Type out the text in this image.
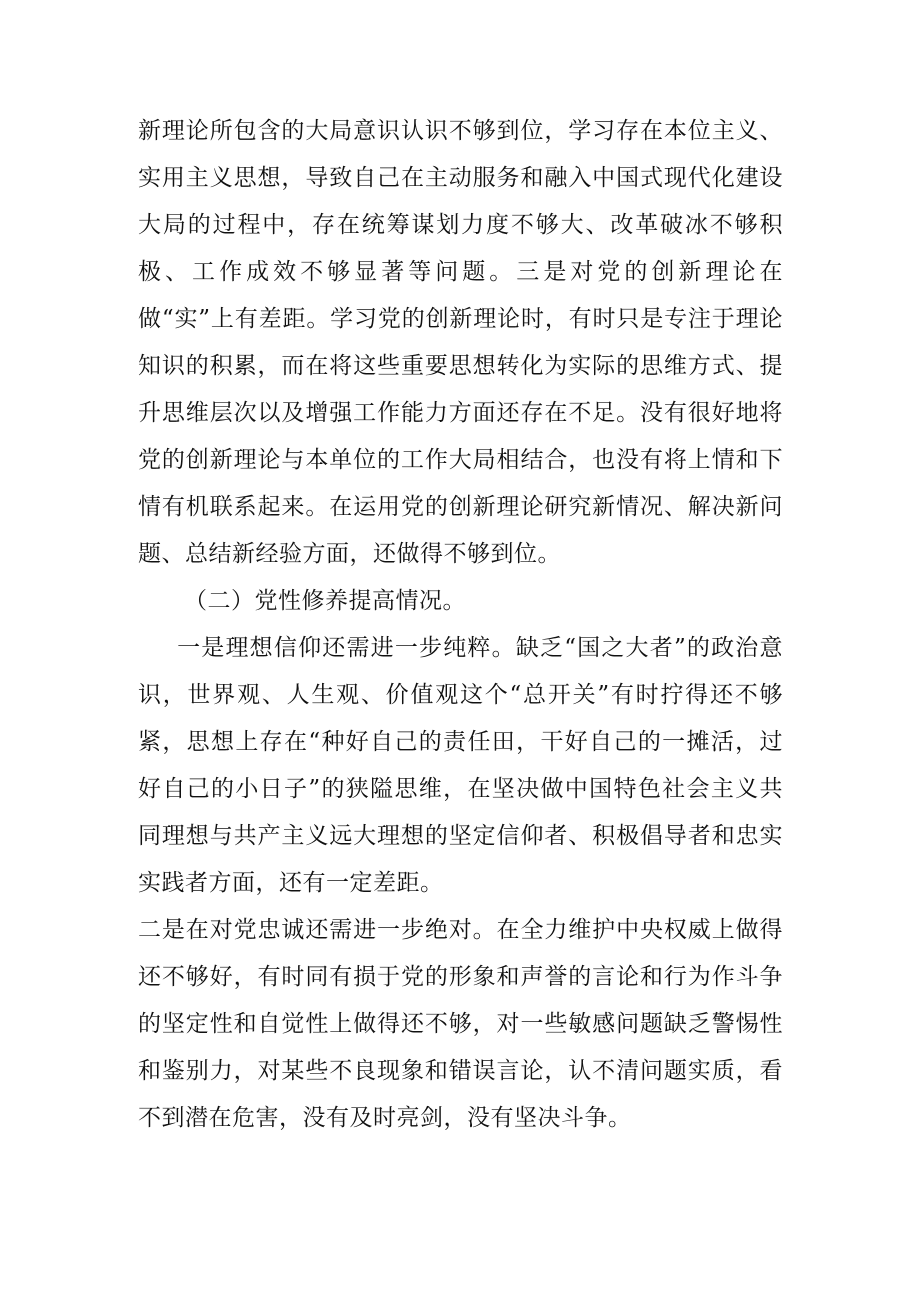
新理论所包含的大局意识认识不够到位，学习存在本位主义、实用主义思想，导致自己在主动服务和融入中国式现代化建设大局的过程中，存在统筹谋划力度不够大、改革破冰不够积极、工作成效不够显著等问题。三是对党的创新理论在做“实”上有差距。学习党的创新理论时，有时只是专注于理论知识的积累，而在将这些重要思想转化为实际的思维方式、提升思维层次以及增强工作能力方面还存在不足。没有很好地将党的创新理论与本单位的工作大局相结合，也没有将上情和下情有机联系起来。在运用党的创新理论研究新情况、解决新问题、总结新经验方面，还做得不够到位。

（二）党性修养提高情况。

一是理想信仰还需进一步纯粹。缺乏“国之大者”的政治意识，世界观、人生观、价值观这个“总开关”有时拧得还不够紧，思想上存在“种好自己的责任田，干好自己的一摊活，过好自己的小日子”的狭隘思维，在坚决做中国特色社会主义共同理想与共产主义远大理想的坚定信仰者、积极倡导者和忠实实践者方面，还有一定差距。

二是在对党忠诚还需进一步绝对。在全力维护中央权威上做得还不够好，有时同有损于党的形象和声誉的言论和行为作斗争的坚定性和自觉性上做得还不够，对一些敏感问题缺乏警惕性和鉴别力，对某些不良现象和错误言论，认不清问题实质，看不到潜在危害，没有及时亮剑，没有坚决斗争。
